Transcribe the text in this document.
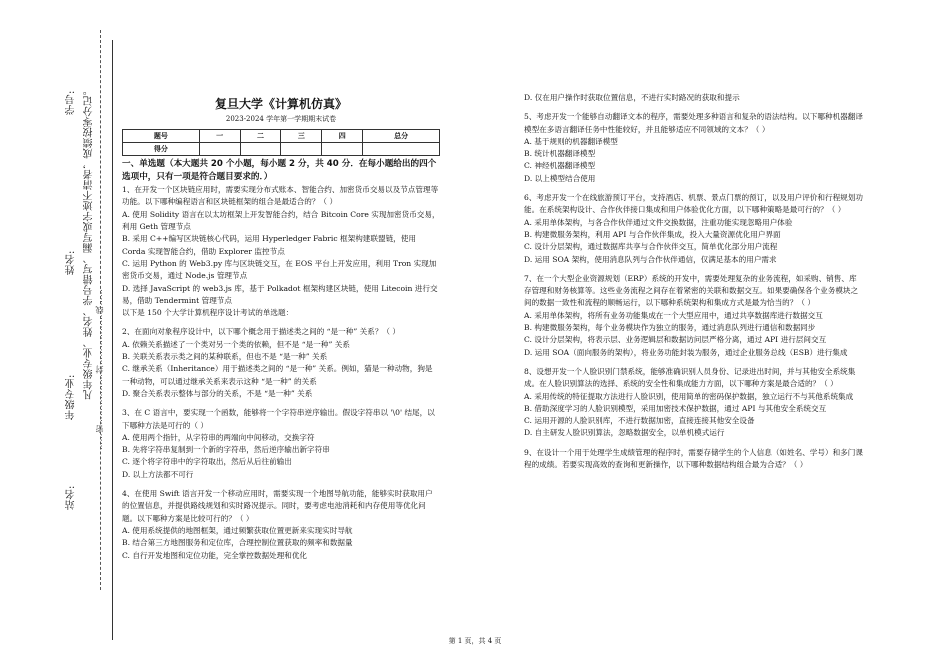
学号:
姓名:
年级专业:
站名:
凡年级专业、姓名、学号错写、漏写或字迹不清者，成绩按零分记。 ……密………………封………………线……

复旦大学《计算机仿真》

2023-2024 学年第一学期期末试卷

题号	一	二	三	四	总分
得分					

一、单选题（本大题共 20 个小题，每小题 2 分，共 40 分．在每小题给出的四个选项中，只有一项是符合题目要求的．）

1、在开发一个区块链应用时，需要实现分布式账本、智能合约、加密货币交易以及节点管理等功能。以下哪种编程语言和区块链框架的组合是最适合的？（ ）

A. 使用 Solidity 语言在以太坊框架上开发智能合约，结合 Bitcoin Core 实现加密货币交易，利用 Geth 管理节点

B. 采用 C++编写区块链核心代码，运用 Hyperledger Fabric 框架构建联盟链，使用 Corda 实现智能合约，借助 Explorer 监控节点

C. 运用 Python 的 Web3.py 库与区块链交互，在 EOS 平台上开发应用，利用 Tron 实现加密货币交易，通过 Node.js 管理节点

D. 选择 JavaScript 的 web3.js 库，基于 Polkadot 框架构建区块链，使用 Litecoin 进行交易，借助 Tendermint 管理节点

以下是 150 个大学计算机程序设计考试的单选题：

2、在面向对象程序设计中，以下哪个概念用于描述类之间的 “是一种” 关系？（ ）

A. 依赖关系描述了一个类对另一个类的依赖，但不是 “是一种” 关系

B. 关联关系表示类之间的某种联系，但也不是 “是一种” 关系

C. 继承关系（Inheritance）用于描述类之间的 “是一种” 关系。例如，猫是一种动物，狗是一种动物，可以通过继承关系来表示这种 “是一种” 的关系

D. 聚合关系表示整体与部分的关系，不是 “是一种” 关系

3、在 C 语言中，要实现一个函数，能够将一个字符串逆序输出。假设字符串以 '\0' 结尾，以下哪种方法是可行的（ ）

A. 使用两个指针，从字符串的两端向中间移动，交换字符

B. 先将字符串复制到一个新的字符串，然后逆序输出新字符串

C. 逐个将字符串中的字符取出，然后从后往前输出

D. 以上方法都不可行

4、在使用 Swift 语言开发一个移动应用时，需要实现一个地图导航功能，能够实时获取用户的位置信息，并提供路线规划和实时路况提示。同时，要考虑电池消耗和内存使用等优化问题。以下哪种方案是比较可行的？（ ）

A. 使用系统提供的地图框架，通过频繁获取位置更新来实现实时导航

B. 结合第三方地图服务和定位库，合理控制位置获取的频率和数据量

C. 自行开发地图和定位功能，完全掌控数据处理和优化

D. 仅在用户操作时获取位置信息，不进行实时路况的获取和提示

5、考虑开发一个能够自动翻译文本的程序，需要处理多种语言和复杂的语法结构。以下哪种机器翻译模型在多语言翻译任务中性能较好，并且能够适应不同领域的文本？（ ）

A. 基于规则的机器翻译模型

B. 统计机器翻译模型

C. 神经机器翻译模型

D. 以上模型结合使用

6、考虑开发一个在线旅游预订平台，支持酒店、机票、景点门票的预订，以及用户评价和行程规划功能。在系统架构设计、合作伙伴接口集成和用户体验优化方面，以下哪种策略是最可行的？（ ）

A. 采用单体架构，与各合作伙伴通过文件交换数据，注重功能实现忽略用户体验

B. 构建微服务架构，利用 API 与合作伙伴集成，投入大量资源优化用户界面

C. 设计分层架构，通过数据库共享与合作伙伴交互，简单优化部分用户流程

D. 运用 SOA 架构，使用消息队列与合作伙伴通信，仅满足基本的用户需求

7、在一个大型企业资源规划（ERP）系统的开发中，需要处理复杂的业务流程，如采购、销售、库存管理和财务核算等。这些业务流程之间存在着紧密的关联和数据交互。如果要确保各个业务模块之间的数据一致性和流程的顺畅运行，以下哪种系统架构和集成方式是最为恰当的？（ ）

A. 采用单体架构，将所有业务功能集成在一个大型应用中，通过共享数据库进行数据交互

B. 构建微服务架构，每个业务模块作为独立的服务，通过消息队列进行通信和数据同步

C. 设计分层架构，将表示层、业务逻辑层和数据访问层严格分离，通过 API 进行层间交互

D. 运用 SOA（面向服务的架构），将业务功能封装为服务，通过企业服务总线（ESB）进行集成

8、设想开发一个人脸识别门禁系统，能够准确识别人员身份、记录进出时间，并与其他安全系统集成。在人脸识别算法的选择、系统的安全性和集成能力方面，以下哪种方案是最合适的？（ ）

A. 采用传统的特征提取方法进行人脸识别，使用简单的密码保护数据，独立运行不与其他系统集成

B. 借助深度学习的人脸识别模型，采用加密技术保护数据，通过 API 与其他安全系统交互

C. 运用开源的人脸识别库，不进行数据加密，直接连接其他安全设备

D. 自主研发人脸识别算法，忽略数据安全，以单机模式运行

9、在设计一个用于处理学生成绩管理的程序时，需要存储学生的个人信息（如姓名、学号）和多门课程的成绩。若要实现高效的查询和更新操作，以下哪种数据结构组合最为合适？（ ）

第 1 页，共 4 页
